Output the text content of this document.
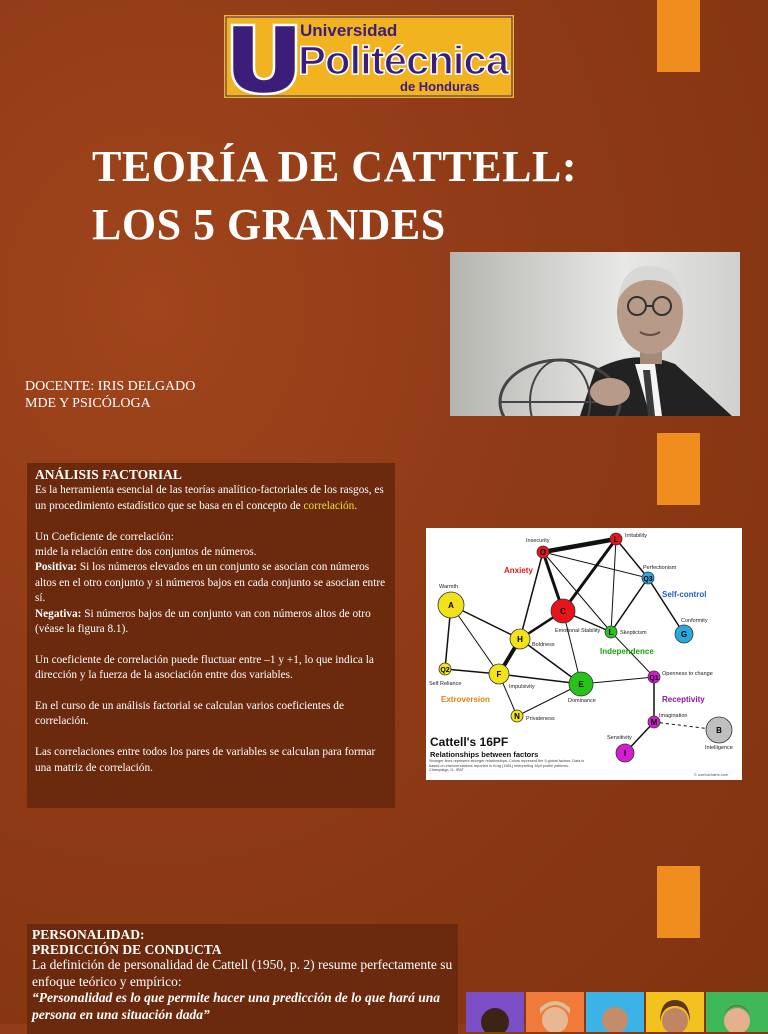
Universidad
Politécnica
de Honduras
TEORÍA DE CATTELL:
LOS 5 GRANDES
DOCENTE: IRIS DELGADO
MDE Y PSICÓLOGA
ANÁLISIS FACTORIAL

Es la herramienta esencial de las teorías analítico-factoriales de los rasgos, es un procedimiento estadístico que se basa en el concepto de correlación.

Un Coeficiente de correlación:

mide la relación entre dos conjuntos de números.

Positiva: Si los números elevados en un conjunto se asocian con números altos en el otro conjunto y si números bajos en cada conjunto se asocian entre sí.

Negativa: Si números bajos de un conjunto van con números altos de otro (véase la figura 8.1).

Un coeficiente de correlación puede fluctuar entre –1 y +1, lo que indica la dirección y la fuerza de la asociación entre dos variables.

En el curso de un análisis factorial se calculan varios coeficientes de correlación.

Las correlaciones entre todos los pares de variables se calculan para formar una matriz de correlación.

O
L
C
Q3
G
A
H
L
Q2	F
E
Q1
N
M
I
B
Insecurity
Irritability
Perfectionism
Warmth
Emotional Stability	Skepticism
Conformity
Boldness
Self Reliance	Impulsivity
Dominance
Openness to change
Privateness	Imagination
Sensitivity
Intelligence
Anxiety
Self-control
Independence
Extroversion	Receptivity
Cattell's 16PF
Relationships between factors
Stronger lines represent stronger relationships. Colors represent the 5 global factors. Data is based on intercorrelations reported in Krug (1981) Interpreting 16pf profile patterns. Champaign, IL: IPAT
© usefulcharts.com
PERSONALIDAD:
PREDICCIÓN DE CONDUCTA
La definición de personalidad de Cattell (1950, p. 2) resume perfectamente su enfoque teórico y empírico:
“Personalidad es lo que permite hacer una predicción de lo que hará una persona en una situación dada”
